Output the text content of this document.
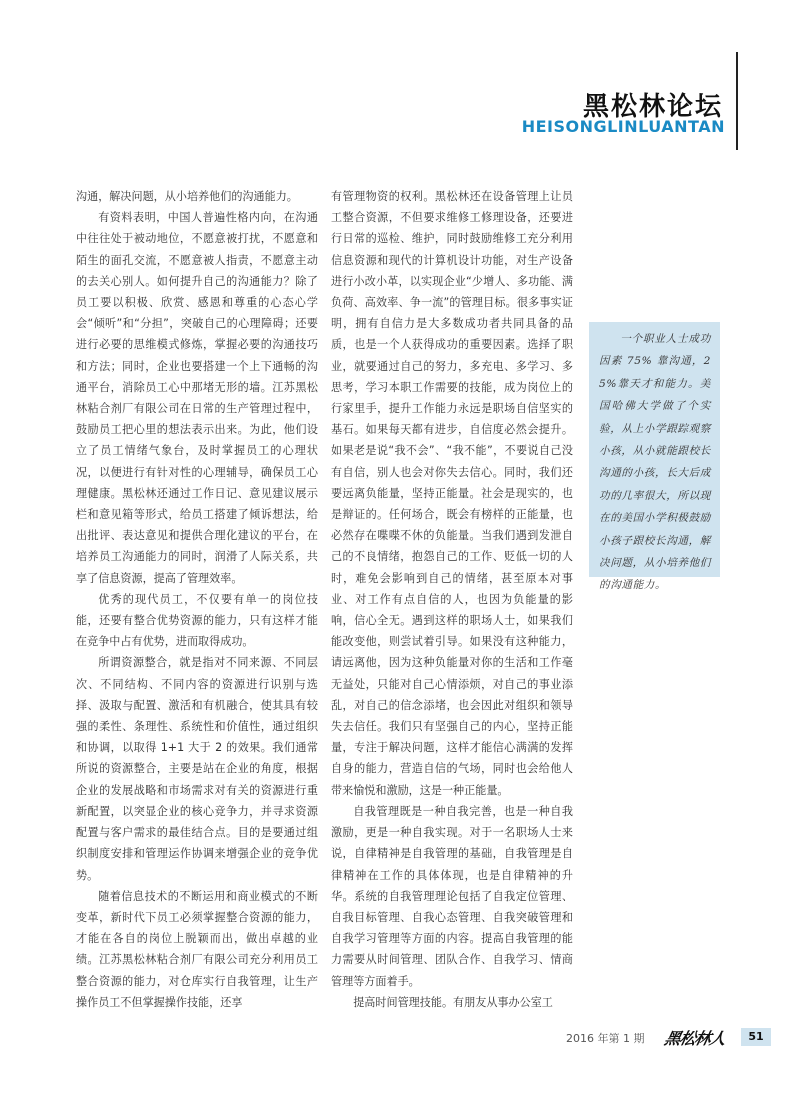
黑松林论坛
HEISONGLINLUANTAN

沟通，解决问题，从小培养他们的沟通能力。

有资料表明，中国人普遍性格内向，在沟通中往往处于被动地位，不愿意被打扰，不愿意和陌生的面孔交流，不愿意被人指责，不愿意主动的去关心别人。如何提升自己的沟通能力？除了员工要以积极、欣赏、感恩和尊重的心态心学会“倾听”和“分担”，突破自己的心理障碍；还要进行必要的思维模式修炼，掌握必要的沟通技巧和方法；同时，企业也要搭建一个上下通畅的沟通平台，消除员工心中那堵无形的墙。江苏黑松林粘合剂厂有限公司在日常的生产管理过程中，鼓励员工把心里的想法表示出来。为此，他们设立了员工情绪气象台，及时掌握员工的心理状况，以便进行有针对性的心理辅导，确保员工心理健康。黑松林还通过工作日记、意见建议展示栏和意见箱等形式，给员工搭建了倾诉想法，给出批评、表达意见和提供合理化建议的平台，在培养员工沟通能力的同时，润滑了人际关系，共享了信息资源，提高了管理效率。

优秀的现代员工，不仅要有单一的岗位技能，还要有整合优势资源的能力，只有这样才能在竞争中占有优势，进而取得成功。

所谓资源整合，就是指对不同来源、不同层次、不同结构、不同内容的资源进行识别与选择、汲取与配置、激活和有机融合，使其具有较强的柔性、条理性、系统性和价值性，通过组织和协调，以取得 1+1 大于 2 的效果。我们通常所说的资源整合，主要是站在企业的角度，根据企业的发展战略和市场需求对有关的资源进行重新配置，以突显企业的核心竞争力，并寻求资源配置与客户需求的最佳结合点。目的是要通过组织制度安排和管理运作协调来增强企业的竞争优势。

随着信息技术的不断运用和商业模式的不断变革，新时代下员工必须掌握整合资源的能力，才能在各自的岗位上脱颖而出，做出卓越的业绩。江苏黑松林粘合剂厂有限公司充分利用员工整合资源的能力，对仓库实行自我管理，让生产操作员工不但掌握操作技能，还享

有管理物资的权利。黑松林还在设备管理上让员工整合资源，不但要求维修工修理设备，还要进行日常的巡检、维护，同时鼓励维修工充分利用信息资源和现代的计算机设计功能，对生产设备进行小改小革，以实现企业“少增人、多功能、满负荷、高效率、争一流”的管理目标。很多事实证明，拥有自信力是大多数成功者共同具备的品质，也是一个人获得成功的重要因素。选择了职业，就要通过自己的努力，多充电、多学习、多思考，学习本职工作需要的技能，成为岗位上的行家里手，提升工作能力永远是职场自信坚实的基石。如果每天都有进步，自信度必然会提升。如果老是说“我不会”、“我不能”，不要说自己没有自信，别人也会对你失去信心。同时，我们还要远离负能量，坚持正能量。社会是现实的，也是辩证的。任何场合，既会有榜样的正能量，也必然存在喋喋不休的负能量。当我们遇到发泄自己的不良情绪，抱怨自己的工作、贬低一切的人时，难免会影响到自己的情绪，甚至原本对事业、对工作有点自信的人，也因为负能量的影响，信心全无。遇到这样的职场人士，如果我们能改变他，则尝试着引导。如果没有这种能力，请远离他，因为这种负能量对你的生活和工作毫无益处，只能对自己心情添烦，对自己的事业添乱，对自己的信念添堵，也会因此对组织和领导失去信任。我们只有坚强自己的内心，坚持正能量，专注于解决问题，这样才能信心满满的发挥自身的能力，营造自信的气场，同时也会给他人带来愉悦和激励，这是一种正能量。

自我管理既是一种自我完善，也是一种自我激励，更是一种自我实现。对于一名职场人士来说，自律精神是自我管理的基础，自我管理是自律精神在工作的具体体现，也是自律精神的升华。系统的自我管理理论包括了自我定位管理、自我目标管理、自我心态管理、自我突破管理和自我学习管理等方面的内容。提高自我管理的能力需要从时间管理、团队合作、自我学习、情商管理等方面着手。

提高时间管理技能。有朋友从事办公室工

一个职业人士成功因素 75% 靠沟通，25%靠天才和能力。美国哈佛大学做了个实验，从上小学跟踪观察小孩，从小就能跟校长沟通的小孩，长大后成功的几率很大，所以现在的美国小学积极鼓励小孩子跟校长沟通，解决问题，从小培养他们的沟通能力。

2016 年第 1 期 黑松林人	51
